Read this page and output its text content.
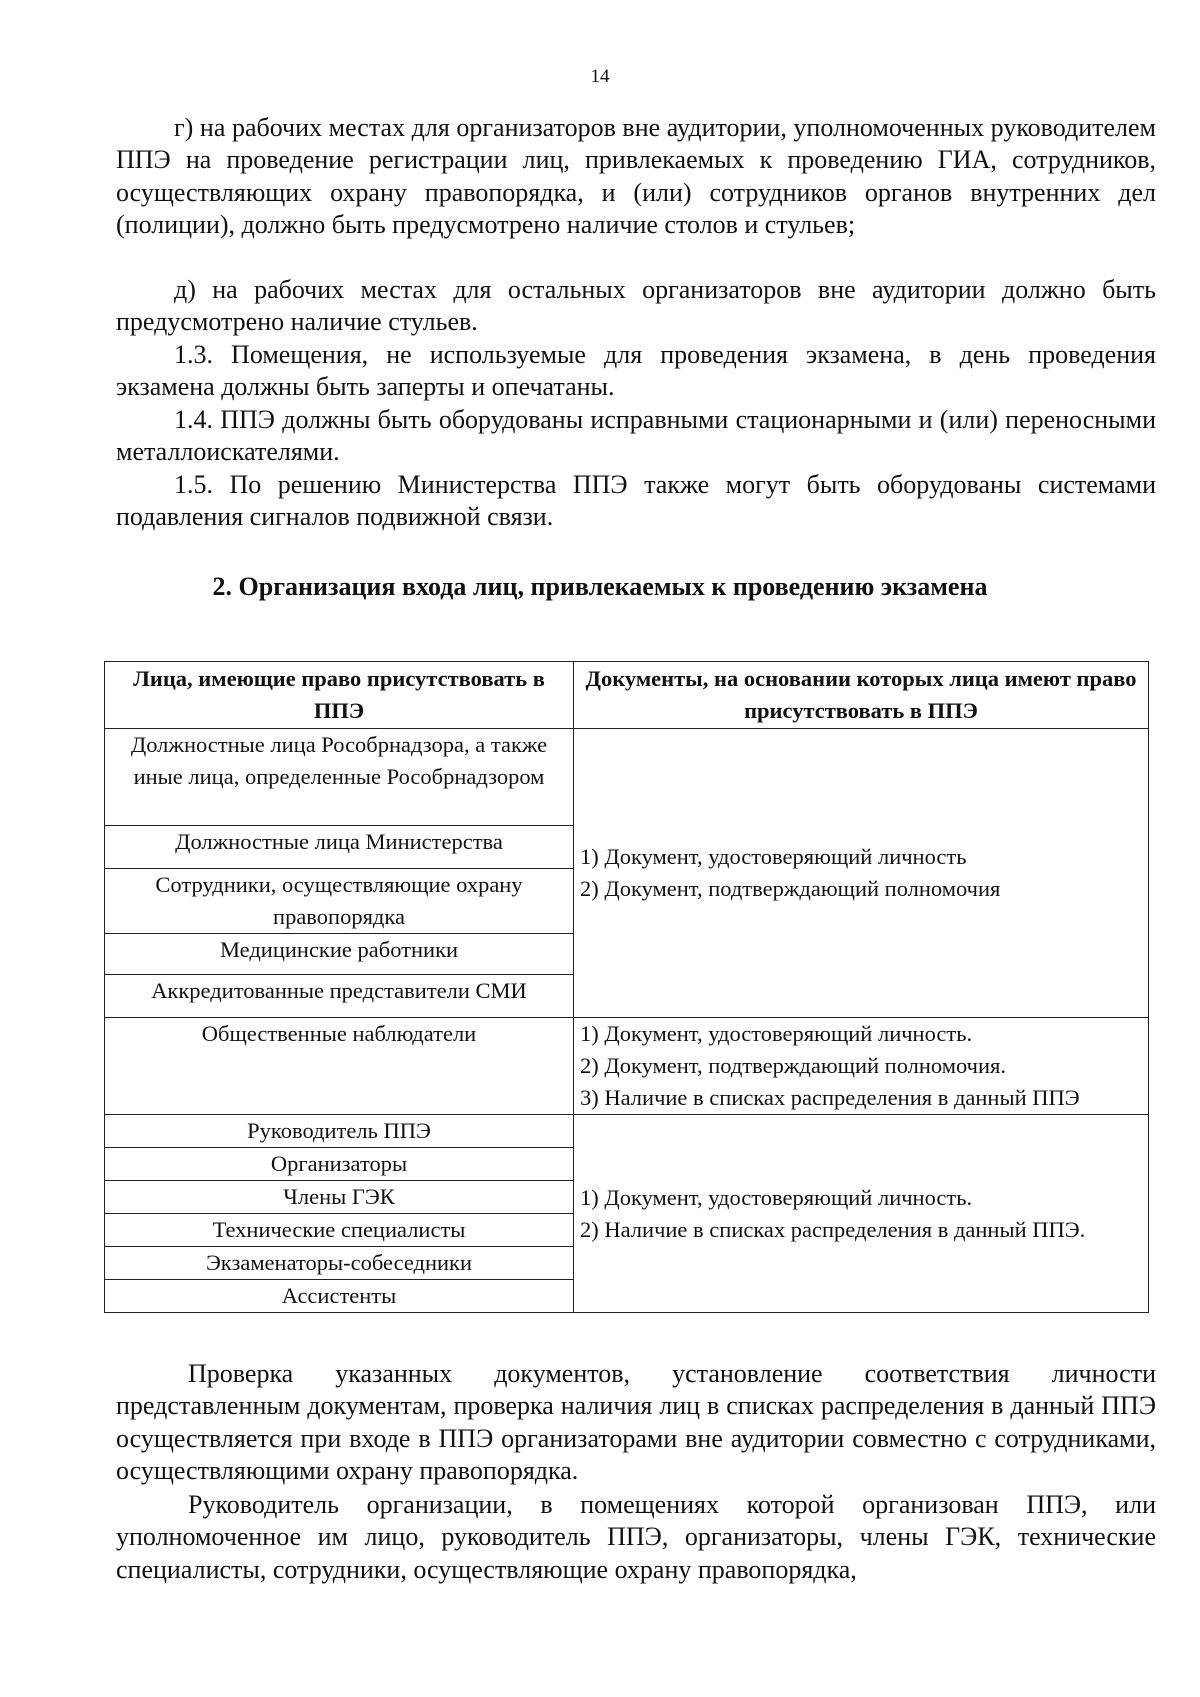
14

г) на рабочих местах для организаторов вне аудитории, уполномоченных руководителем ППЭ на проведение регистрации лиц, привлекаемых к проведению ГИА, сотрудников, осуществляющих охрану правопорядка, и (или) сотрудников органов внутренних дел (полиции), должно быть предусмотрено наличие столов и стульев;

д) на рабочих местах для остальных организаторов вне аудитории должно быть предусмотрено наличие стульев.

1.3. Помещения, не используемые для проведения экзамена, в день проведения экзамена должны быть заперты и опечатаны.

1.4. ППЭ должны быть оборудованы исправными стационарными и (или) переносными металлоискателями.

1.5. По решению Министерства ППЭ также могут быть оборудованы системами подавления сигналов подвижной связи.

2. Организация входа лиц, привлекаемых к проведению экзамена
Лица, имеющие право присутствовать в ППЭ	Документы, на основании которых лица имеют право присутствовать в ППЭ
Должностные лица Рособрнадзора, а также иные лица, определенные Рособрнадзором	1) Документ, удостоверяющий личность
2) Документ, подтверждающий полномочия

Должностные лица Министерства	
Сотрудники, осуществляющие охрану правопорядка	
Медицинские работники	
Аккредитованные представители СМИ	
Общественные наблюдатели	1) Документ, удостоверяющий личность.
2) Документ, подтверждающий полномочия.
3) Наличие в списках распределения в данный ППЭ

Руководитель ППЭ	1) Документ, удостоверяющий личность.
2) Наличие в списках распределения в данный ППЭ.

Организаторы	
Члены ГЭК	
Технические специалисты	
Экзаменаторы-собеседники	
Ассистенты	

Проверка указанных документов, установление соответствия личности представленным документам, проверка наличия лиц в списках распределения в данный ППЭ осуществляется при входе в ППЭ организаторами вне аудитории совместно с сотрудниками, осуществляющими охрану правопорядка.

Руководитель организации, в помещениях которой организован ППЭ, или уполномоченное им лицо, руководитель ППЭ, организаторы, члены ГЭК, технические специалисты, сотрудники, осуществляющие охрану правопорядка,
